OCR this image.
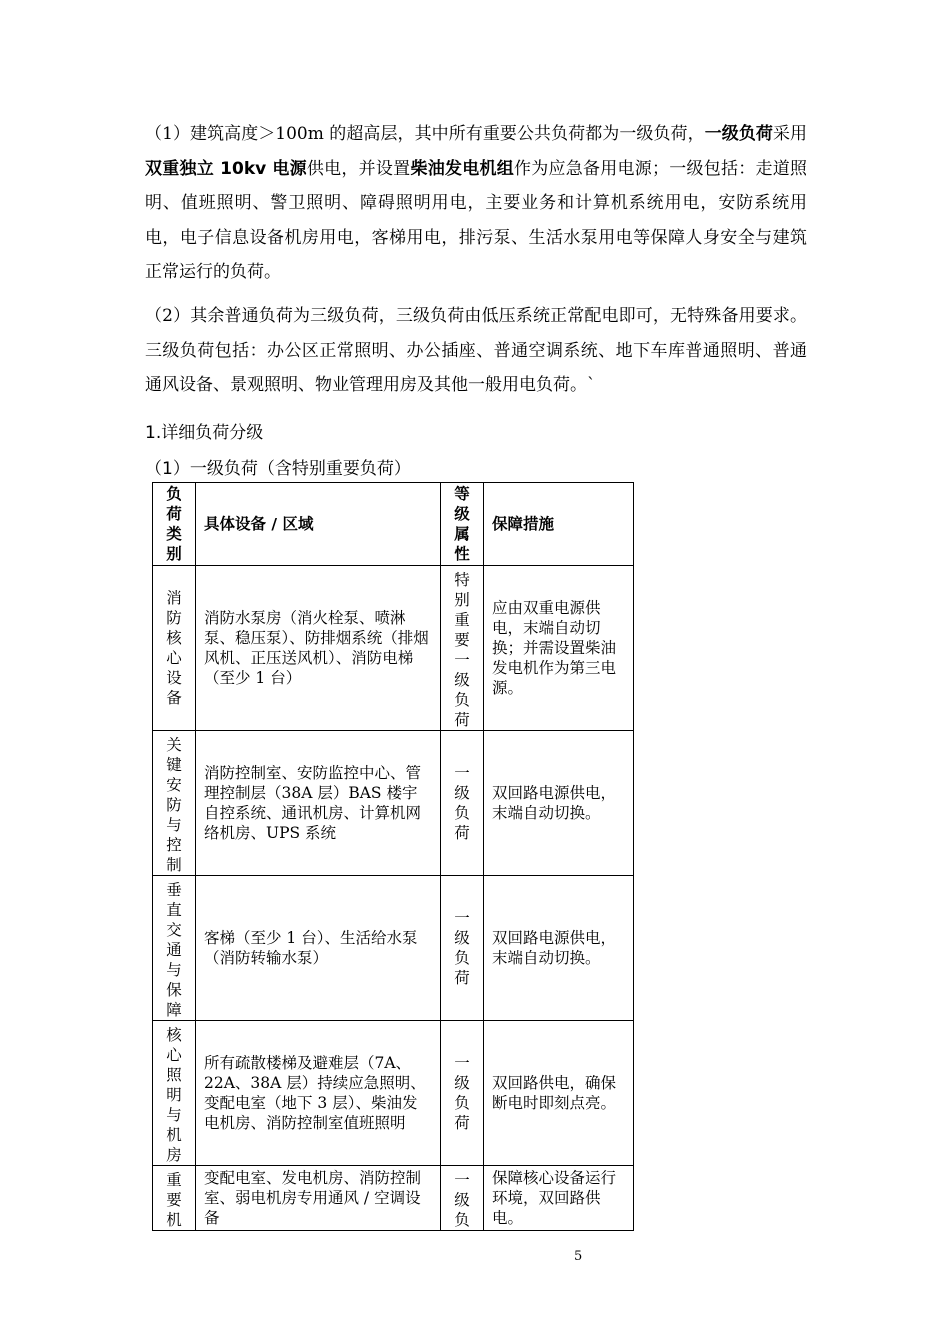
（1）建筑高度＞100m 的超高层，其中所有重要公共负荷都为一级负荷，一级负荷采用双重独立 10kv 电源供电，并设置柴油发电机组作为应急备用电源；一级包括：走道照明、值班照明、警卫照明、障碍照明用电，主要业务和计算机系统用电，安防系统用电，电子信息设备机房用电，客梯用电，排污泵、生活水泵用电等保障人身安全与建筑正常运行的负荷。
（2）其余普通负荷为三级负荷，三级负荷由低压系统正常配电即可，无特殊备用要求。三级负荷包括：办公区正常照明、办公插座、普通空调系统、地下车库普通照明、普通通风设备、景观照明、物业管理用房及其他一般用电负荷。`
1.详细负荷分级
（1）一级负荷（含特别重要负荷）
负荷类别	具体设备 / 区域	等级属性	保障措施
消防核心设备	消防水泵房（消火栓泵、喷淋泵、稳压泵）、防排烟系统（排烟风机、正压送风机）、消防电梯（至少 1 台）	特别重要一级负荷	应由双重电源供电，末端自动切换；并需设置柴油发电机作为第三电源。
关键安防与控制	消防控制室、安防监控中心、管理控制层（38A 层）BAS 楼宇自控系统、通讯机房、计算机网络机房、UPS 系统	一级负荷	双回路电源供电，末端自动切换。
垂直交通与保障	客梯（至少 1 台）、生活给水泵（消防转输水泵）	一级负荷	双回路电源供电，末端自动切换。
核心照明与机房	所有疏散楼梯及避难层（7A、22A、38A 层）持续应急照明、变配电室（地下 3 层）、柴油发电机房、消防控制室值班照明	一级负荷	双回路供电，确保断电时即刻点亮。
重要机	变配电室、发电机房、消防控制室、弱电机房专用通风 / 空调设备	一级负	保障核心设备运行环境，双回路供电。
5
